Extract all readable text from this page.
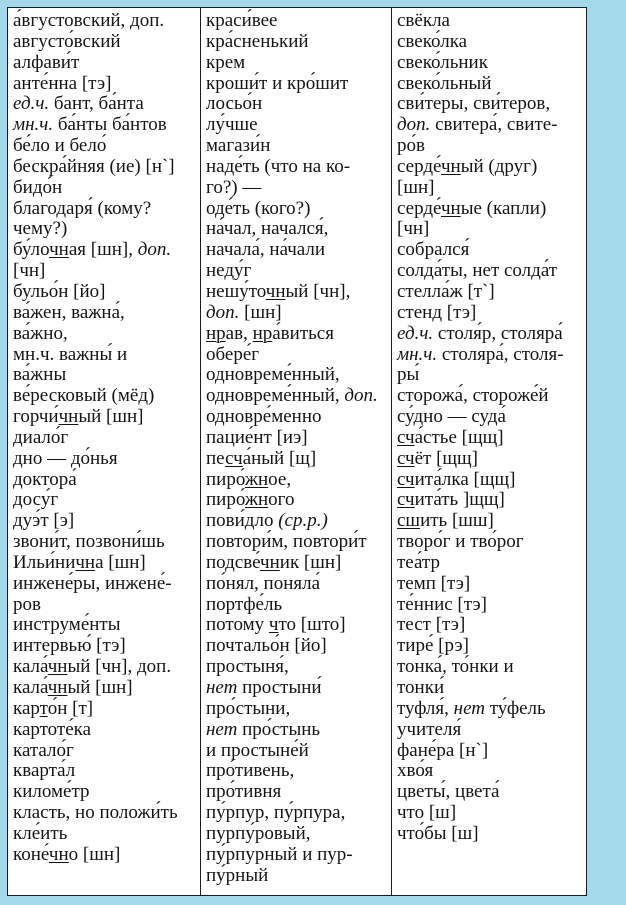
а́вгустовский, доп.
августо́вский
алфави́т
анте́нна [тэ]
ед.ч. бант, ба́нта
мн.ч. ба́нты ба́нтов
бе́ло и бело́
бескра́йняя (ие) [н`]
бидо́н
благодаря́ (кому?
чему?)
бу́лочная [шн], доп.
[чн]
бульо́н [йо]
ва́жен, важна́,
ва́жно,
мн.ч. важны́ и
ва́жны
ве́ресковый (мёд)
горчи́чный [шн]
диало́г
дно — до́нья
доктора́
досу́г
дуэ́т [э]
звони́т, позвони́шь
Ильи́нична [шн]
инжене́ры, инжене́-
ров
инструме́нты
интервью́ [тэ]
кала́чный [чн], доп.
кала́чный [шн]
карто́н [т]
картоте́ка
катало́г
кварта́л
киломе́тр
класть, но положи́ть
кле́ить
коне́чно [шн]
краси́вее
кра́сненький
крем
кроши́т и кро́шит
лосьо́н
лу́чше
магази́н
наде́ть (что на ко-
го?) —
оде́ть (кого?)
на́чал, начался́,
начала́, на́чали
неду́г
нешу́точный [чн],
доп. [шн]
нрав, нра́виться
обере́г
одновреме́нный,
одновреме́нный, доп.
одновре́менно
пацие́нт [иэ]
песча́ный [щ]
пиро́жное,
пиро́жного
пови́дло (ср.р.)
повтори́м, повтори́т
подсве́чник [шн]
по́нял, поняла́
портфе́ль
потому что [што]
почтальо́н [йо]
простыня́,
нет простыни́
про́стыни,
нет про́стынь
и простыне́й
про́тивень,
про́тивня
пу́рпур, пу́рпура,
пурпу́ровый,
пу́рпурный и пур-
пу́рный
свёкла
свеко́лка
свеко́льник
свеко́льный
сви́теры, сви́теров,
доп. свитера́, свите-
ро́в
серде́чный (друг)
[шн]
серде́чные (капли)
[чн]
собрался́
солда́ты, нет солда́т
стелла́ж [т`]
стенд [тэ]
ед.ч. столя́р, столяра́
мн.ч. столяра́, столя-
ры́
сторожа́, стороже́й
су́дно — суда́
сча́стье [щщ]
счёт [щщ]
счита́лка [щщ]
счита́ть ]щщ]
сшить [шш]
творо́г и тво́рог
теа́тр
темп [тэ]
те́ннис [тэ]
тест [тэ]
тире́ [рэ]
тонка́, то́нки и
тонки́
туфля́, нет ту́фель
учителя́
фане́ра [н`]
хво́я
цветы́, цвета́
что [ш]
что́бы [ш]
